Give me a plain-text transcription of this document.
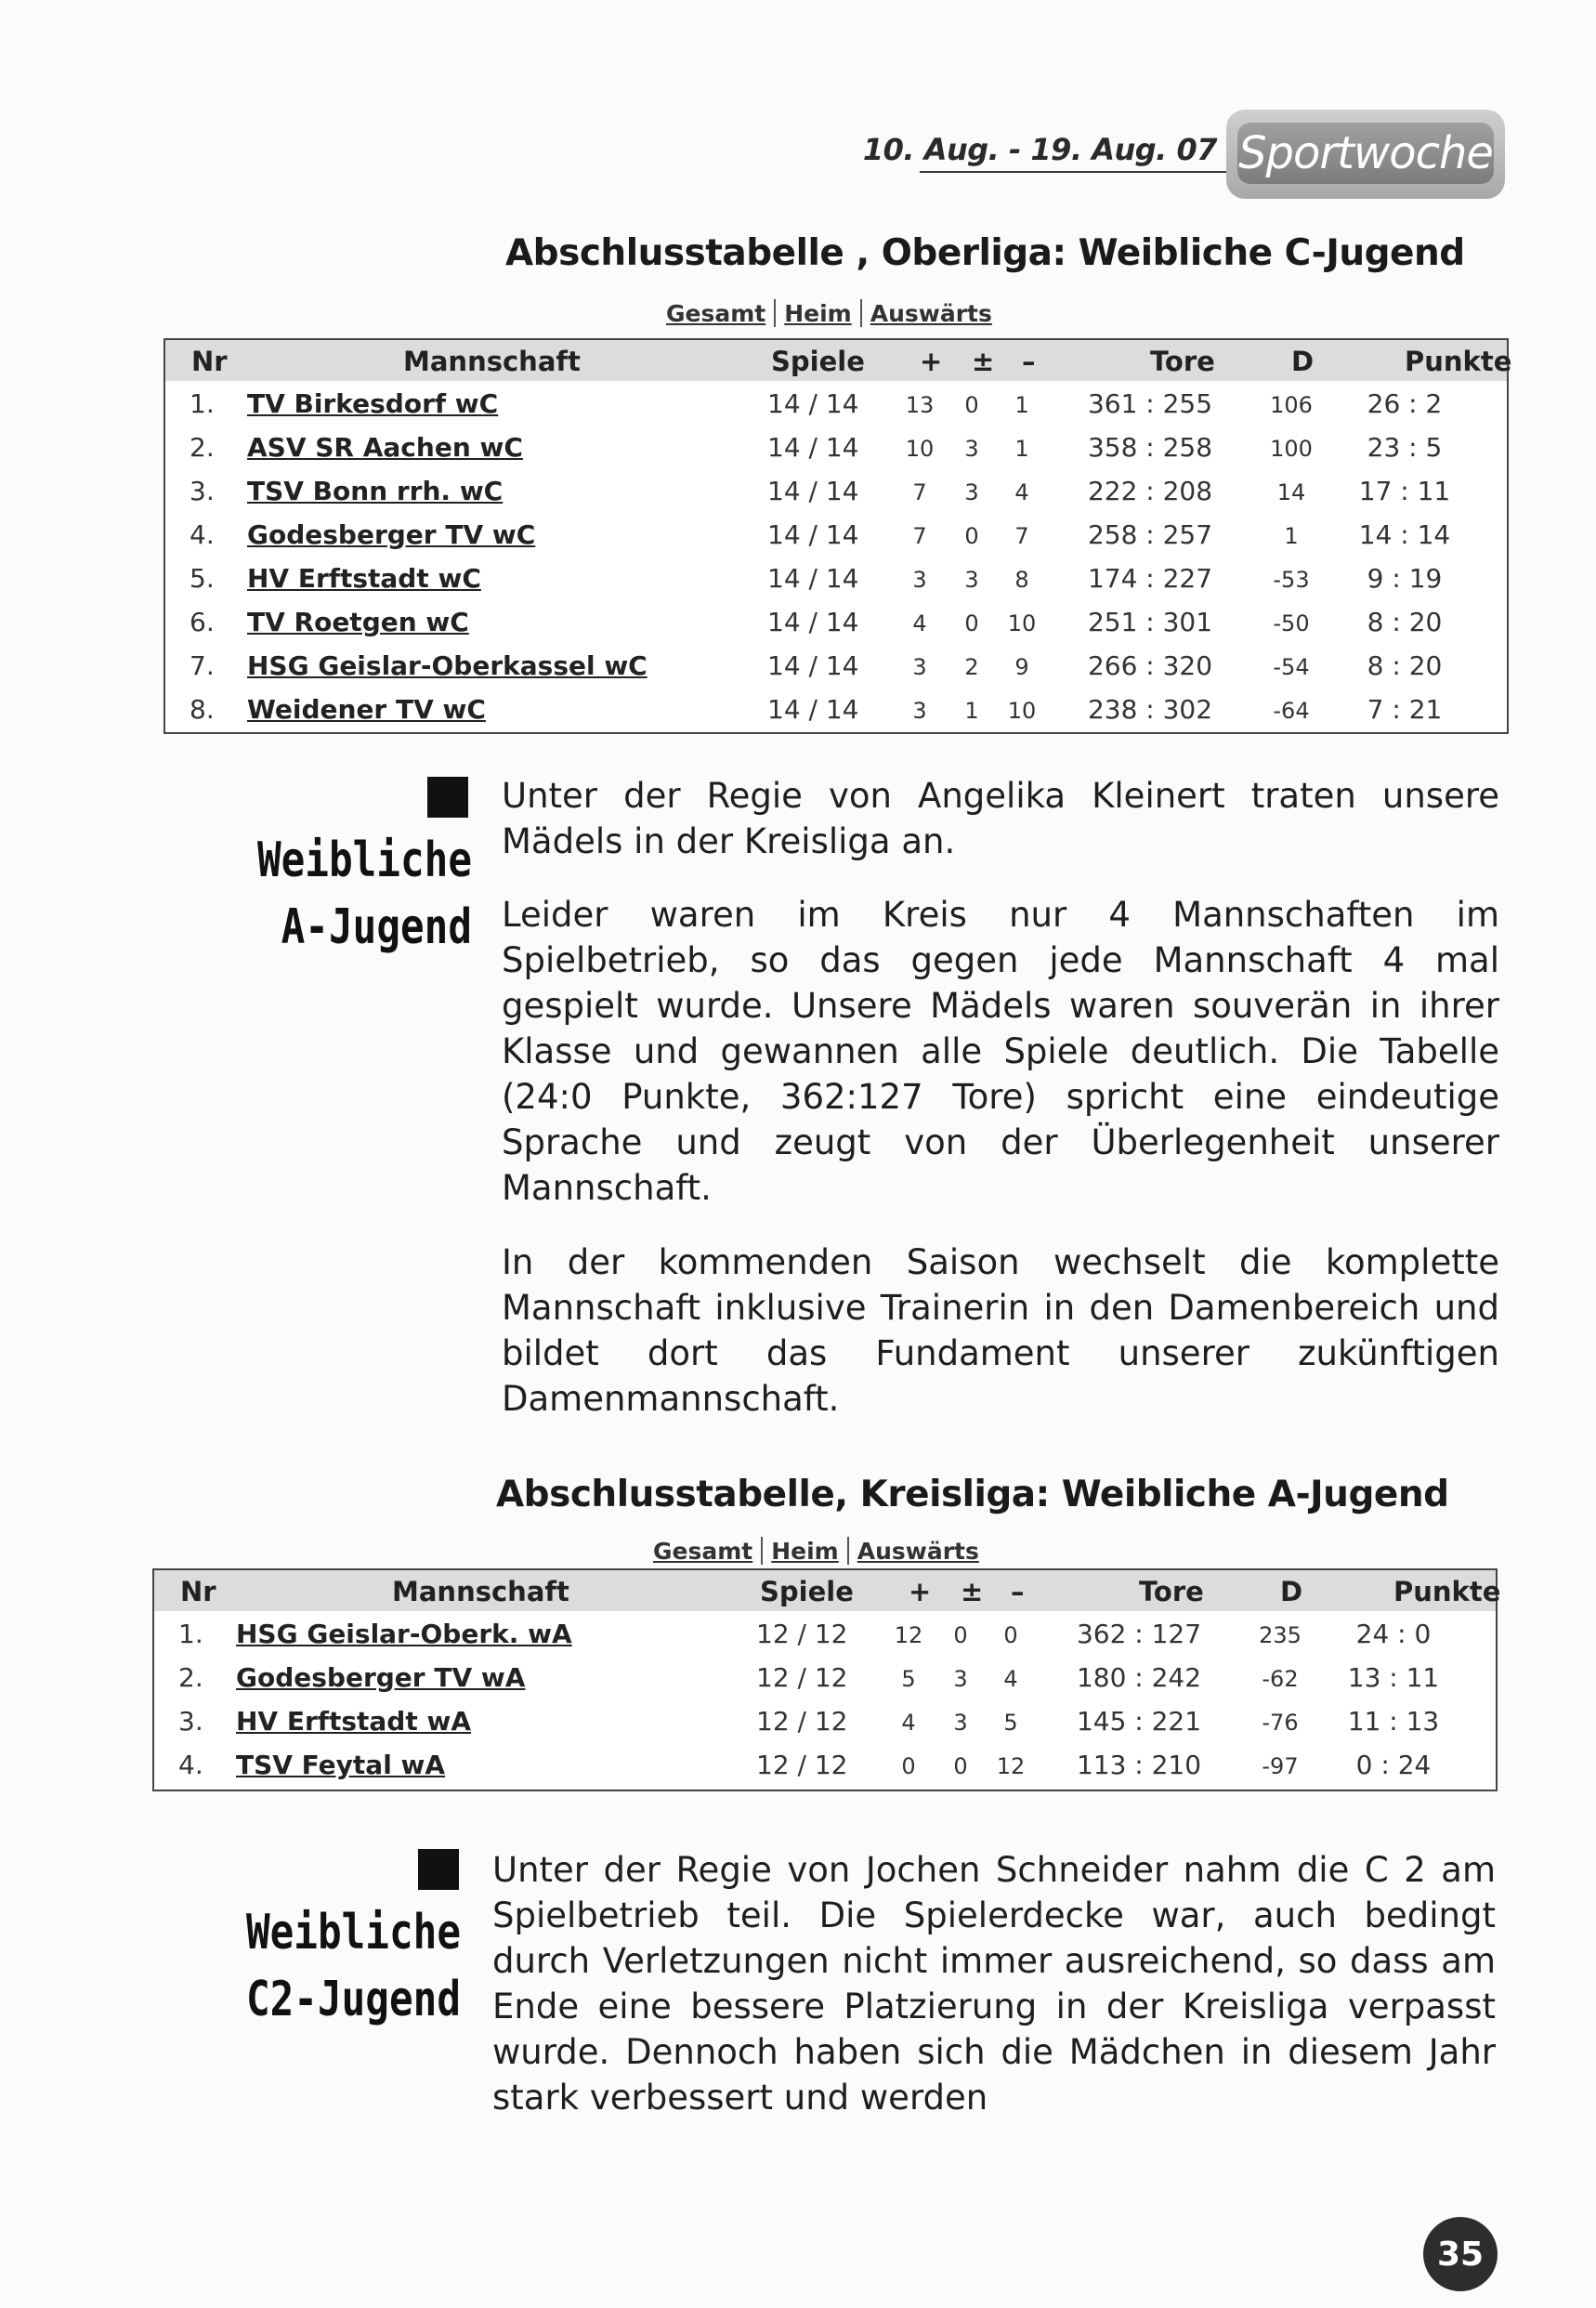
10. Aug. - 19. Aug. 07 Sportwoche
Abschlusstabelle , Oberliga: Weibliche C-Jugend
Gesamt Heim Auswärts
Nr	Mannschaft	Spiele + ± –	Tore	D	Punkte
1. TV Birkesdorf wC	14 / 14 13 0 1 361 : 255	106 26 : 2
2. ASV SR Aachen wC	14 / 14 10 3 1 358 : 258	100 23 : 5
3. TSV Bonn rrh. wC	14 / 14 7 3 4 222 : 208	14 17 : 11
4. Godesberger TV wC	14 / 14 7 0 7 258 : 257	1 14 : 14
5. HV Erftstadt wC	14 / 14 3 3 8 174 : 227	-53 9 : 19
6. TV Roetgen wC	14 / 14 4 0 10 251 : 301	-50 8 : 20
7. HSG Geislar-Oberkassel wC	14 / 14 3 2 9 266 : 320	-54 8 : 20
8. Weidener TV wC	14 / 14 3 1 10 238 : 302	-64 7 : 21
Weibliche
A-Jugend

Unter der Regie von Angelika Kleinert traten unsere Mädels in der Kreisliga an.

Leider waren im Kreis nur 4 Mannschaften im Spielbetrieb, so das gegen jede Mannschaft 4 mal gespielt wurde. Unsere Mädels waren souverän in ihrer Klasse und gewannen alle Spiele deutlich. Die Tabelle (24:0 Punkte, 362:127 Tore) spricht eine eindeutige Sprache und zeugt von der Überlegenheit unserer Mannschaft.

In der kommenden Saison wechselt die komplette Mannschaft inklusive Trainerin in den Damenbereich und bildet dort das Fundament unserer zukünftigen Damenmannschaft.

Abschlusstabelle, Kreisliga: Weibliche A-Jugend
Gesamt Heim Auswärts
Nr	Mannschaft	Spiele + ± –	Tore	D	Punkte
1. HSG Geislar-Oberk. wA	12 / 12 12 0 0 362 : 127	235 24 : 0
2. Godesberger TV wA	12 / 12 5 3 4 180 : 242	-62 13 : 11
3. HV Erftstadt wA	12 / 12 4 3 5 145 : 221	-76 11 : 13
4. TSV Feytal wA	12 / 12 0 0 12 113 : 210	-97 0 : 24
Weibliche
C2-Jugend

Unter der Regie von Jochen Schneider nahm die C 2 am Spielbetrieb teil. Die Spielerdecke war, auch bedingt durch Verletzungen nicht immer ausreichend, so dass am Ende eine bessere Platzierung in der Kreisliga verpasst wurde. Dennoch haben sich die Mädchen in diesem Jahr stark verbessert und werden

35
